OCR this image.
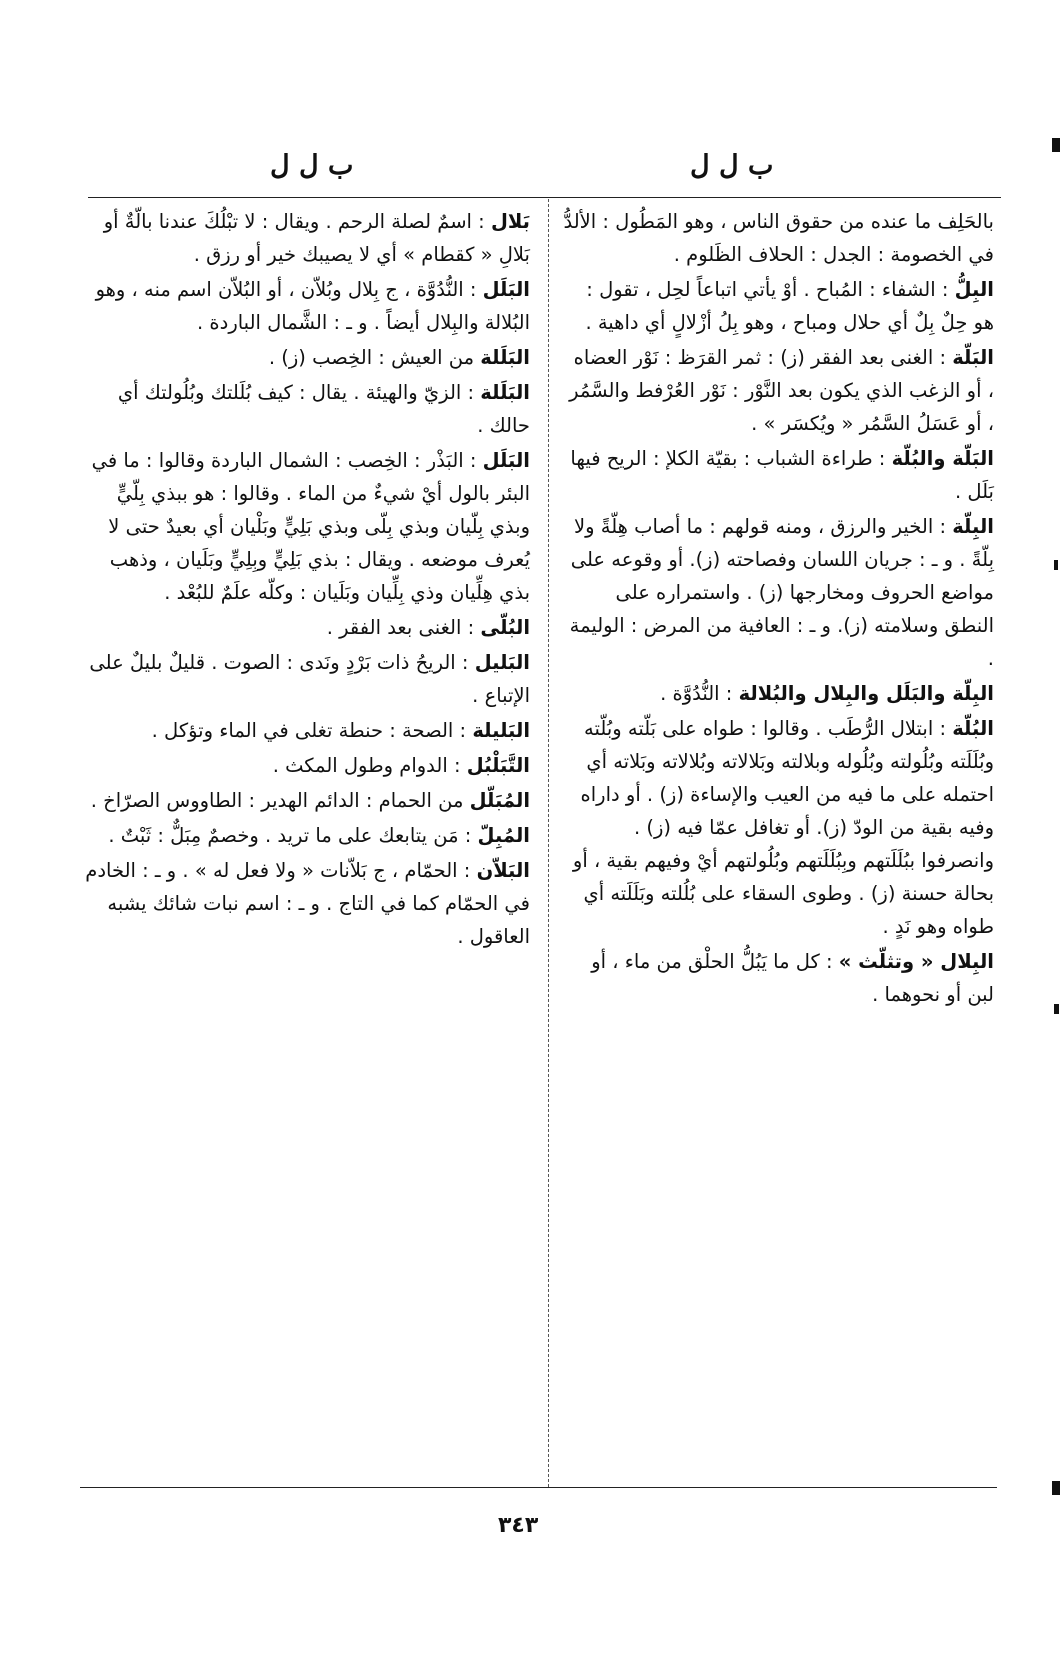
ب ل ل
ب ل ل

بالحَلِف ما عنده من حقوق الناس ، وهو المَطُول : الألدُّ في الخصومة : الجدل : الحلاف الظَلوم .

البِلُّ : الشفاء : المُباح . أوْ يأتي اتباعاً لحِل ، تقول : هو حِلٌ بِلٌ أي حلال ومباح ، وهو بِلُ أزْلالٍ أي داهية .

البَلّة : الغنى بعد الفقر (ز) : ثمر القرَظ : نَوْر العضاه ، أو الزغب الذي يكون بعد النَّوْر : نَوْر العُرْفط والسَّمُر ، أو عَسَلُ السَّمُر « ويُكسَر » .

البَلّة والبُلّة : طراءة الشباب : بقيّة الكلإ : الريح فيها بَلَل .

البِلّة : الخير والرزق ، ومنه قولهم : ما أصاب هِلّةً ولا بِلّةً . و ـ : جريان اللسان وفصاحته (ز). أو وقوعه على مواضع الحروف ومخارجها (ز) . واستمراره على النطق وسلامته (ز). و ـ : العافية من المرض : الوليمة .

البِلّة والبَلَل والبِلال والبُلالة : النُّدُوَّة .

البُلّة : ابتلال الرُّطَب . وقالوا : طواه على بَلّته وبُلّته وبُلَلَته وبُلُولته وبُلُوله وبلالته وبَلالاته وبُلالاته وبَلاته أي احتمله على ما فيه من العيب والإساءة (ز) . أو داراه وفيه بقية من الودّ (ز). أو تغافل عمّا فيه (ز) . وانصرفوا ببُلَلَتهم وبِبُلَلَتهم وبُلُولتهم أيْ وفيهم بقية ، أو بحالة حسنة (ز) . وطوى السقاء على بُلُلته وبَلَلَته أي طواه وهو نَدٍ .

البِلال « وتثلّث » : كل ما يَبُلُّ الحلْق من ماء ، أو لبن أو نحوهما .

بَلال : اسمٌ لصلة الرحم . ويقال : لا تبْلُكَ عندنا بالّةٌ أو بَلالِ « كقطام » أي لا يصيبك خير أو رزق .

البَلَل : النُّدُوَّة ، ج بِلال وبُلاّن ، أو البُلاّن اسم منه ، وهو البُلالة والبِلال أيضاً . و ـ : الشَّمال الباردة .

البَلَلة من العيش : الخِصب (ز) .

البَلَلة : الزيّ والهيئة . يقال : كيف بُلَلتك وبُلُولتك أي حالك .

البَلَل : البَذْر : الخِصب : الشمال الباردة وقالوا : ما في البئر بالول أيْ شيءٌ من الماء . وقالوا : هو ببذي بِلّيٍّ وبذي بِلّيان وبذي بِلّى وبذي بَلِيٍّ وبَلْيان أي بعيدٌ حتى لا يُعرف موضعه . ويقال : بذي بَلِيٍّ وبِلِيٍّ وبَلَيان ، وذهب بذي هِلِّيان وذي بِلِّيان وبَلَيان : وكلّه علَمٌ للبُعْد .

البُلّى : الغنى بعد الفقر .

البَليل : الريحُ ذات بَرْدٍ ونَدى : الصوت . قليلٌ بليلٌ على الإتباع .

البَليلة : الصحة : حنطة تغلى في الماء وتؤكل .

التَّبَلْبُل : الدوام وطول المكث .

المُبَلّل من الحمام : الدائم الهدير : الطاووس الصرّاخ .

المُبِلّ : مَن يتابعك على ما تريد . وخصمٌ مِبَلٌّ : ثَبْتٌ .

البَلاّن : الحمّام ، ج بَلاّنات « ولا فعل له » . و ـ : الخادم في الحمّام كما في التاج . و ـ : اسم نبات شائك يشبه العاقول .

٣٤٣
